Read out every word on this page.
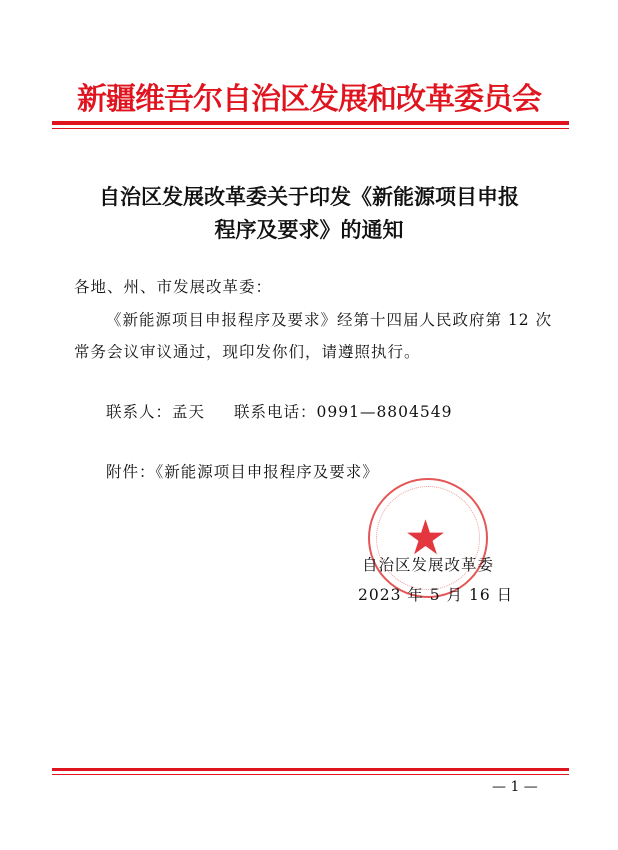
新疆维吾尔自治区发展和改革委员会
自治区发展改革委关于印发《新能源项目申报
程序及要求》的通知
各地、州、市发展改革委：
《新能源项目申报程序及要求》经第十四届人民政府第 12 次
常务会议审议通过，现印发你们，请遵照执行。
联系人：孟天 联系电话：0991—8804549
附件：《新能源项目申报程序及要求》
★
自治区发展改革委
2023 年 5 月 16 日
— 1 —
